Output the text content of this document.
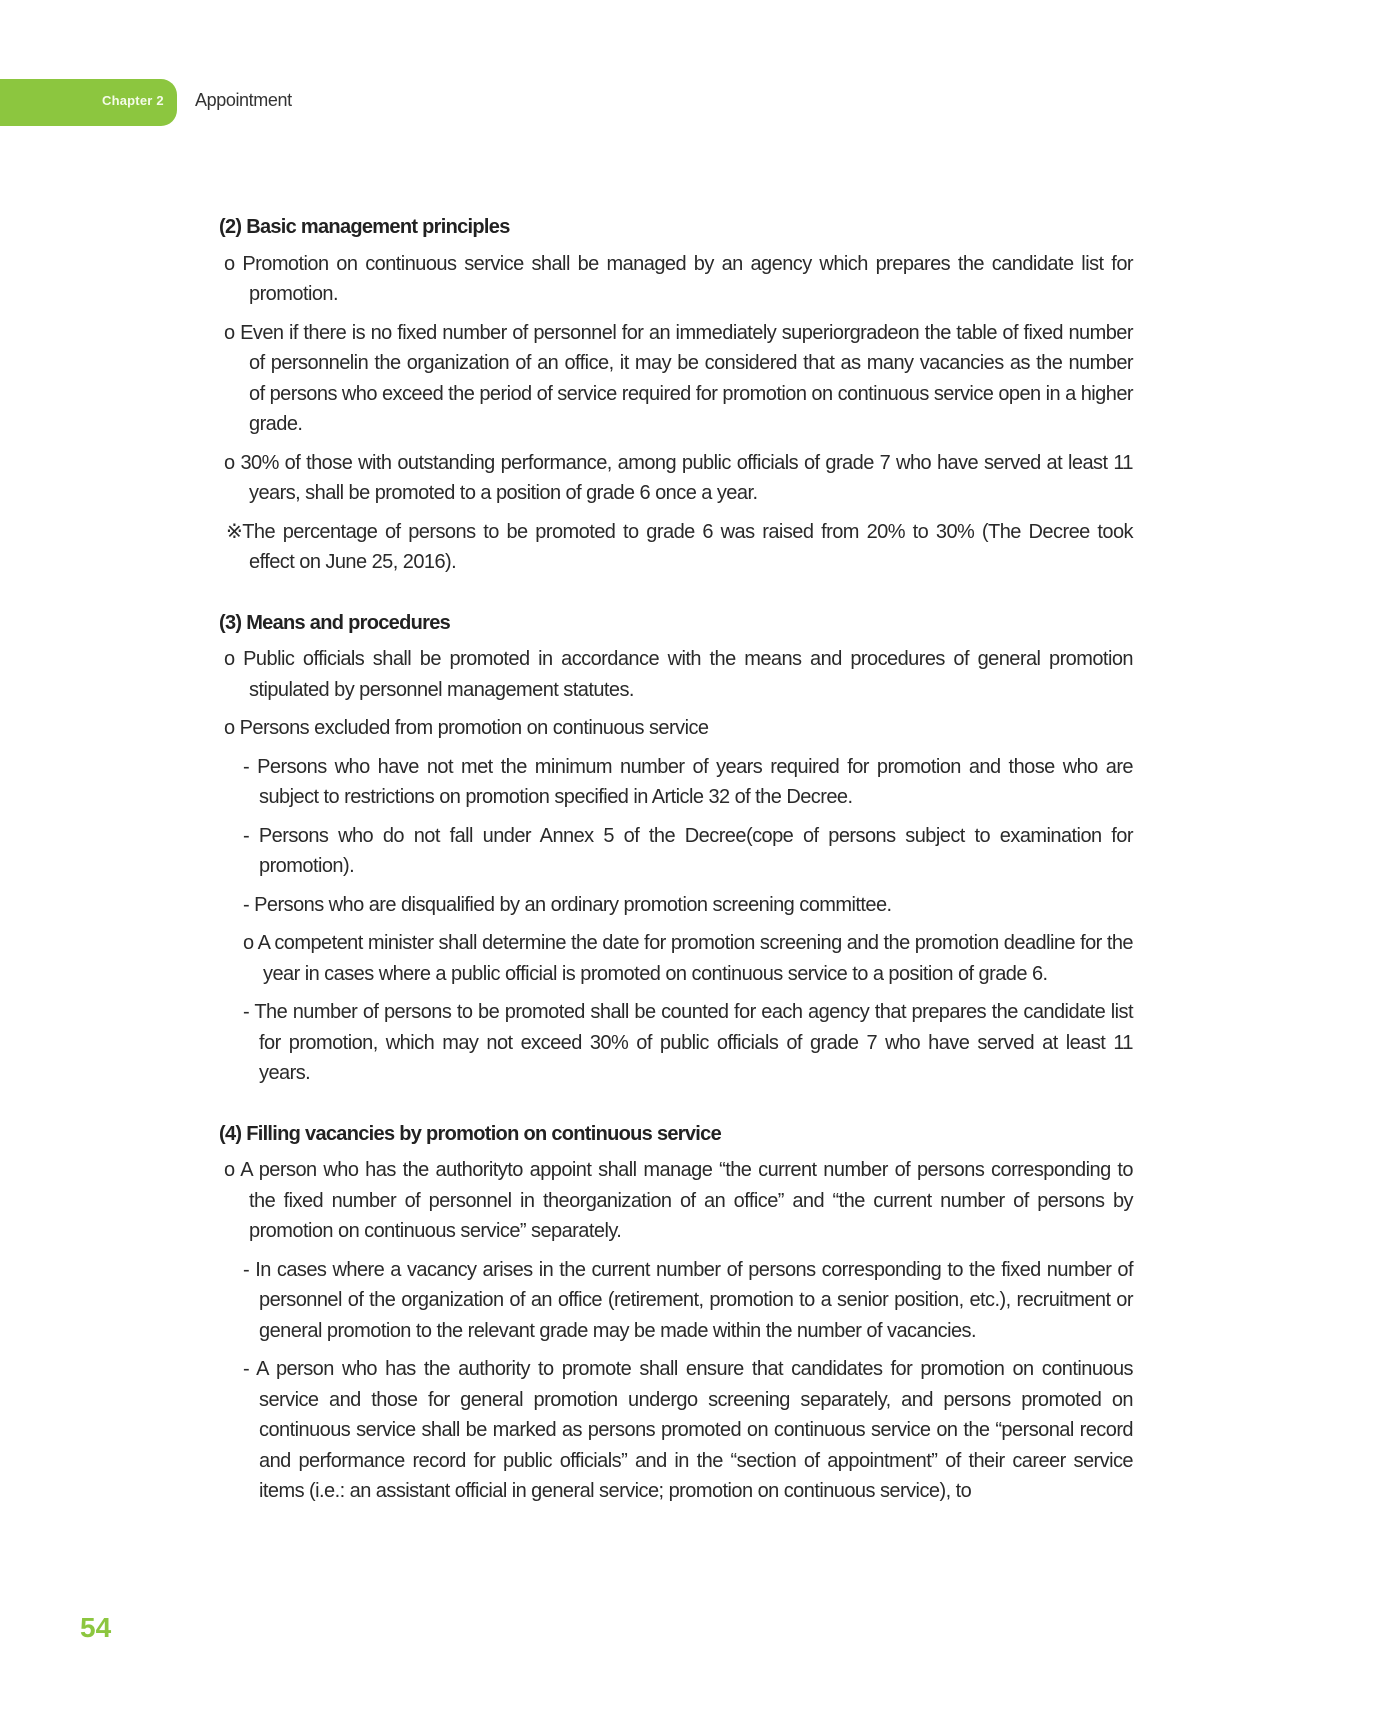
Chapter 2 Appointment
(2) Basic management principles
o Promotion on continuous service shall be managed by an agency which prepares the candidate list for promotion.
o Even if there is no fixed number of personnel for an immediately superiorgradeon the table of fixed number of personnelin the organization of an office, it may be considered that as many vacancies as the number of persons who exceed the period of service required for promotion on continuous service open in a higher grade.
o 30% of those with outstanding performance, among public officials of grade 7 who have served at least 11 years, shall be promoted to a position of grade 6 once a year.
※The percentage of persons to be promoted to grade 6 was raised from 20% to 30% (The Decree took effect on June 25, 2016).
(3) Means and procedures
o Public officials shall be promoted in accordance with the means and procedures of general promotion stipulated by personnel management statutes.
o Persons excluded from promotion on continuous service
- Persons who have not met the minimum number of years required for promotion and those who are subject to restrictions on promotion specified in Article 32 of the Decree.
- Persons who do not fall under Annex 5 of the Decree(cope of persons subject to examination for promotion).
- Persons who are disqualified by an ordinary promotion screening committee.
o A competent minister shall determine the date for promotion screening and the promotion deadline for the year in cases where a public official is promoted on continuous service to a position of grade 6.
- The number of persons to be promoted shall be counted for each agency that prepares the candidate list for promotion, which may not exceed 30% of public officials of grade 7 who have served at least 11 years.
(4) Filling vacancies by promotion on continuous service
o A person who has the authorityto appoint shall manage “the current number of persons corresponding to the fixed number of personnel in theorganization of an office” and “the current number of persons by promotion on continuous service” separately.
- In cases where a vacancy arises in the current number of persons corresponding to the fixed number of personnel of the organization of an office (retirement, promotion to a senior position, etc.), recruitment or general promotion to the relevant grade may be made within the number of vacancies.
- A person who has the authority to promote shall ensure that candidates for promotion on continuous service and those for general promotion undergo screening separately, and persons promoted on continuous service shall be marked as persons promoted on continuous service on the “personal record and performance record for public officials” and in the “section of appointment” of their career service items (i.e.: an assistant official in general service; promotion on continuous service), to
54
